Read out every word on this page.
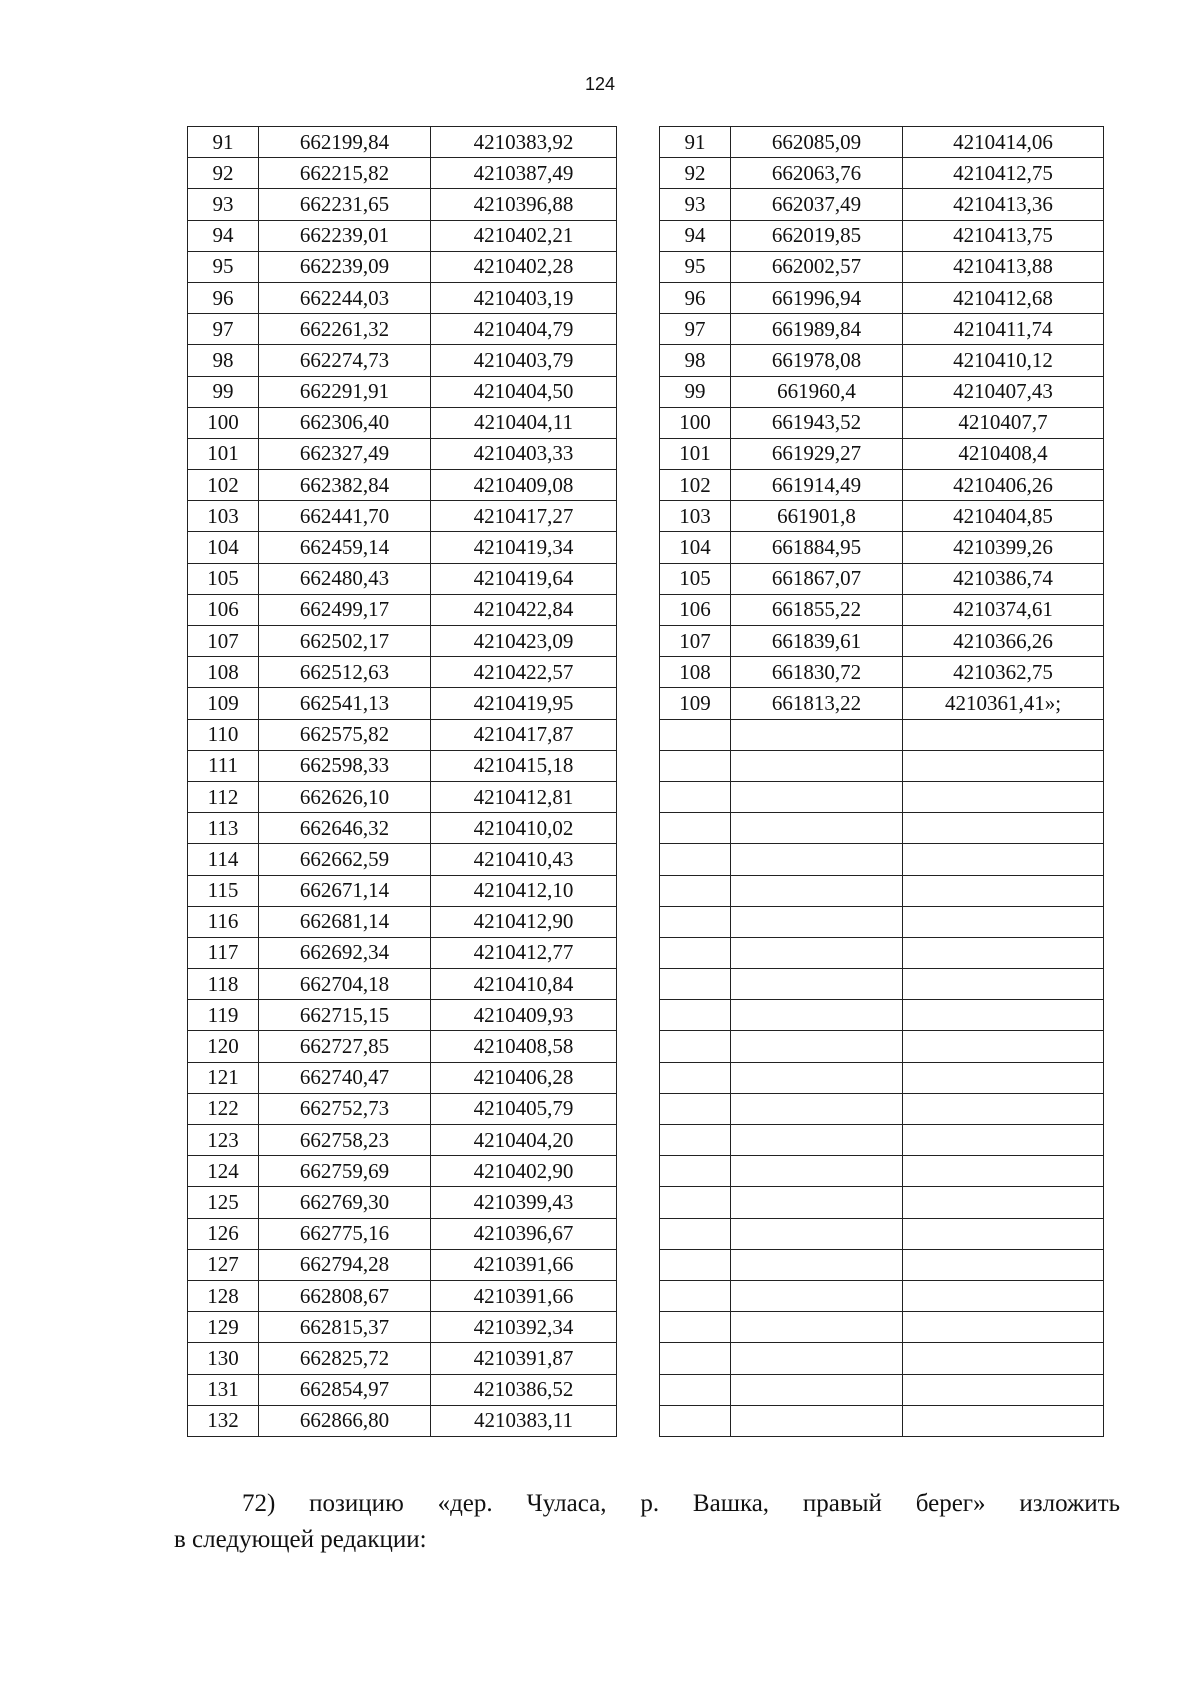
124
91	662199,84	4210383,92		91	662085,09	4210414,06
92	662215,82	4210387,49		92	662063,76	4210412,75
93	662231,65	4210396,88		93	662037,49	4210413,36
94	662239,01	4210402,21		94	662019,85	4210413,75
95	662239,09	4210402,28		95	662002,57	4210413,88
96	662244,03	4210403,19		96	661996,94	4210412,68
97	662261,32	4210404,79		97	661989,84	4210411,74
98	662274,73	4210403,79		98	661978,08	4210410,12
99	662291,91	4210404,50		99	661960,4	4210407,43
100	662306,40	4210404,11		100	661943,52	4210407,7
101	662327,49	4210403,33		101	661929,27	4210408,4
102	662382,84	4210409,08		102	661914,49	4210406,26
103	662441,70	4210417,27		103	661901,8	4210404,85
104	662459,14	4210419,34		104	661884,95	4210399,26
105	662480,43	4210419,64		105	661867,07	4210386,74
106	662499,17	4210422,84		106	661855,22	4210374,61
107	662502,17	4210423,09		107	661839,61	4210366,26
108	662512,63	4210422,57		108	661830,72	4210362,75
109	662541,13	4210419,95		109	661813,22	4210361,41»;
110	662575,82	4210417,87				
111	662598,33	4210415,18				
112	662626,10	4210412,81				
113	662646,32	4210410,02				
114	662662,59	4210410,43				
115	662671,14	4210412,10				
116	662681,14	4210412,90				
117	662692,34	4210412,77				
118	662704,18	4210410,84				
119	662715,15	4210409,93				
120	662727,85	4210408,58				
121	662740,47	4210406,28				
122	662752,73	4210405,79				
123	662758,23	4210404,20				
124	662759,69	4210402,90				
125	662769,30	4210399,43				
126	662775,16	4210396,67				
127	662794,28	4210391,66				
128	662808,67	4210391,66				
129	662815,37	4210392,34				
130	662825,72	4210391,87				
131	662854,97	4210386,52				
132	662866,80	4210383,11				
72) позицию «дер. Чуласа, р. Вашка, правый берег» изложить
в следующей редакции:
